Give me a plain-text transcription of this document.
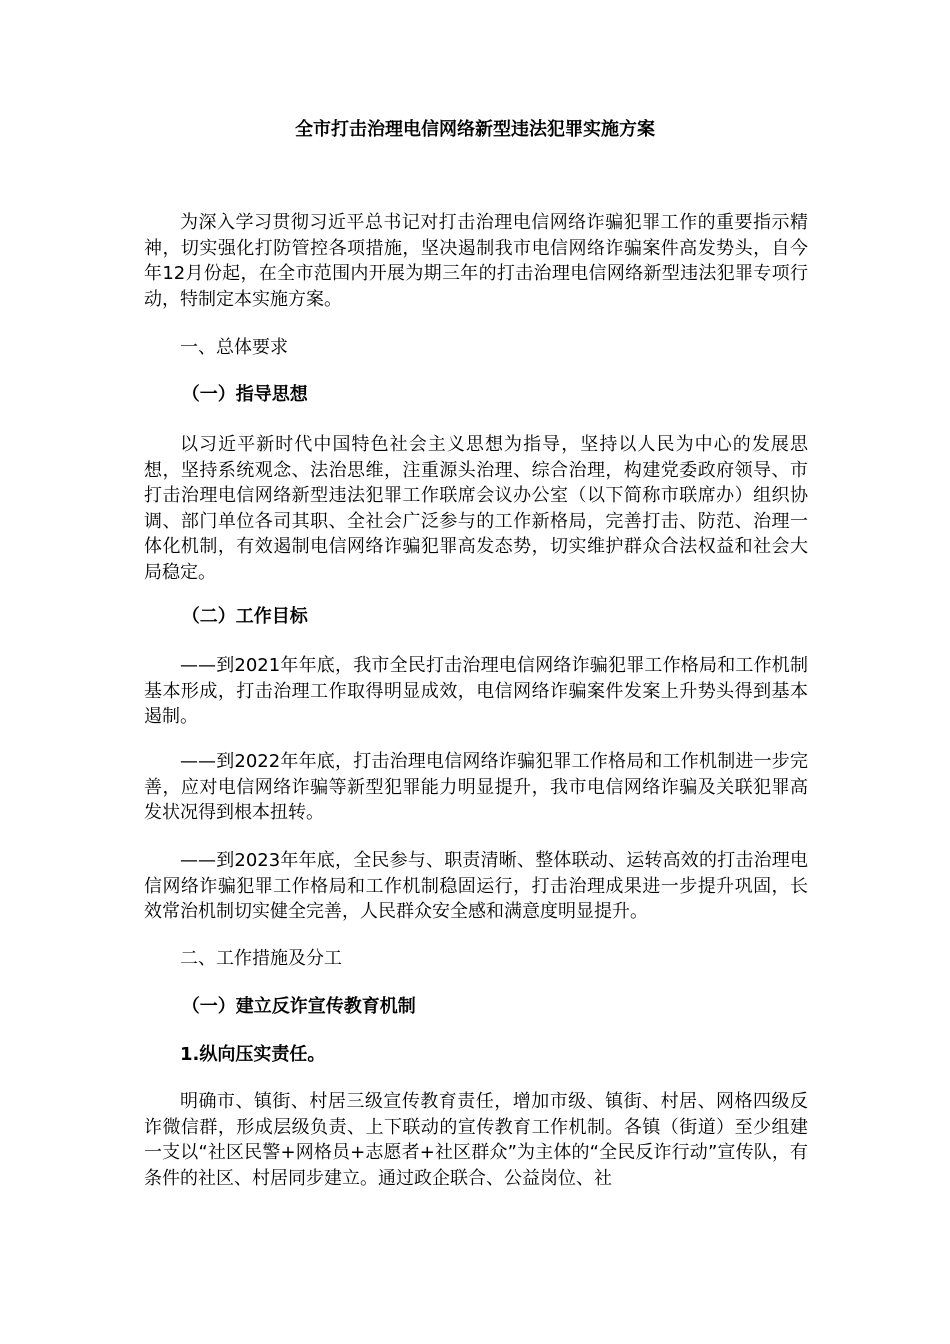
全市打击治理电信网络新型违法犯罪实施方案

为深入学习贯彻习近平总书记对打击治理电信网络诈骗犯罪工作的重要指示精神，切实强化打防管控各项措施，坚决遏制我市电信网络诈骗案件高发势头，自今年12月份起，在全市范围内开展为期三年的打击治理电信网络新型违法犯罪专项行动，特制定本实施方案。

一、总体要求

（一）指导思想

以习近平新时代中国特色社会主义思想为指导，坚持以人民为中心的发展思想，坚持系统观念、法治思维，注重源头治理、综合治理，构建党委政府领导、市打击治理电信网络新型违法犯罪工作联席会议办公室（以下简称市联席办）组织协调、部门单位各司其职、全社会广泛参与的工作新格局，完善打击、防范、治理一体化机制，有效遏制电信网络诈骗犯罪高发态势，切实维护群众合法权益和社会大局稳定。

（二）工作目标

——到2021年年底，我市全民打击治理电信网络诈骗犯罪工作格局和工作机制基本形成，打击治理工作取得明显成效，电信网络诈骗案件发案上升势头得到基本遏制。

——到2022年年底，打击治理电信网络诈骗犯罪工作格局和工作机制进一步完善，应对电信网络诈骗等新型犯罪能力明显提升，我市电信网络诈骗及关联犯罪高发状况得到根本扭转。

——到2023年年底，全民参与、职责清晰、整体联动、运转高效的打击治理电信网络诈骗犯罪工作格局和工作机制稳固运行，打击治理成果进一步提升巩固，长效常治机制切实健全完善，人民群众安全感和满意度明显提升。

二、工作措施及分工

（一）建立反诈宣传教育机制

1.纵向压实责任。

明确市、镇街、村居三级宣传教育责任，增加市级、镇街、村居、网格四级反诈微信群，形成层级负责、上下联动的宣传教育工作机制。各镇（街道）至少组建一支以“社区民警+网格员+志愿者+社区群众”为主体的“全民反诈行动”宣传队，有条件的社区、村居同步建立。通过政企联合、公益岗位、社
